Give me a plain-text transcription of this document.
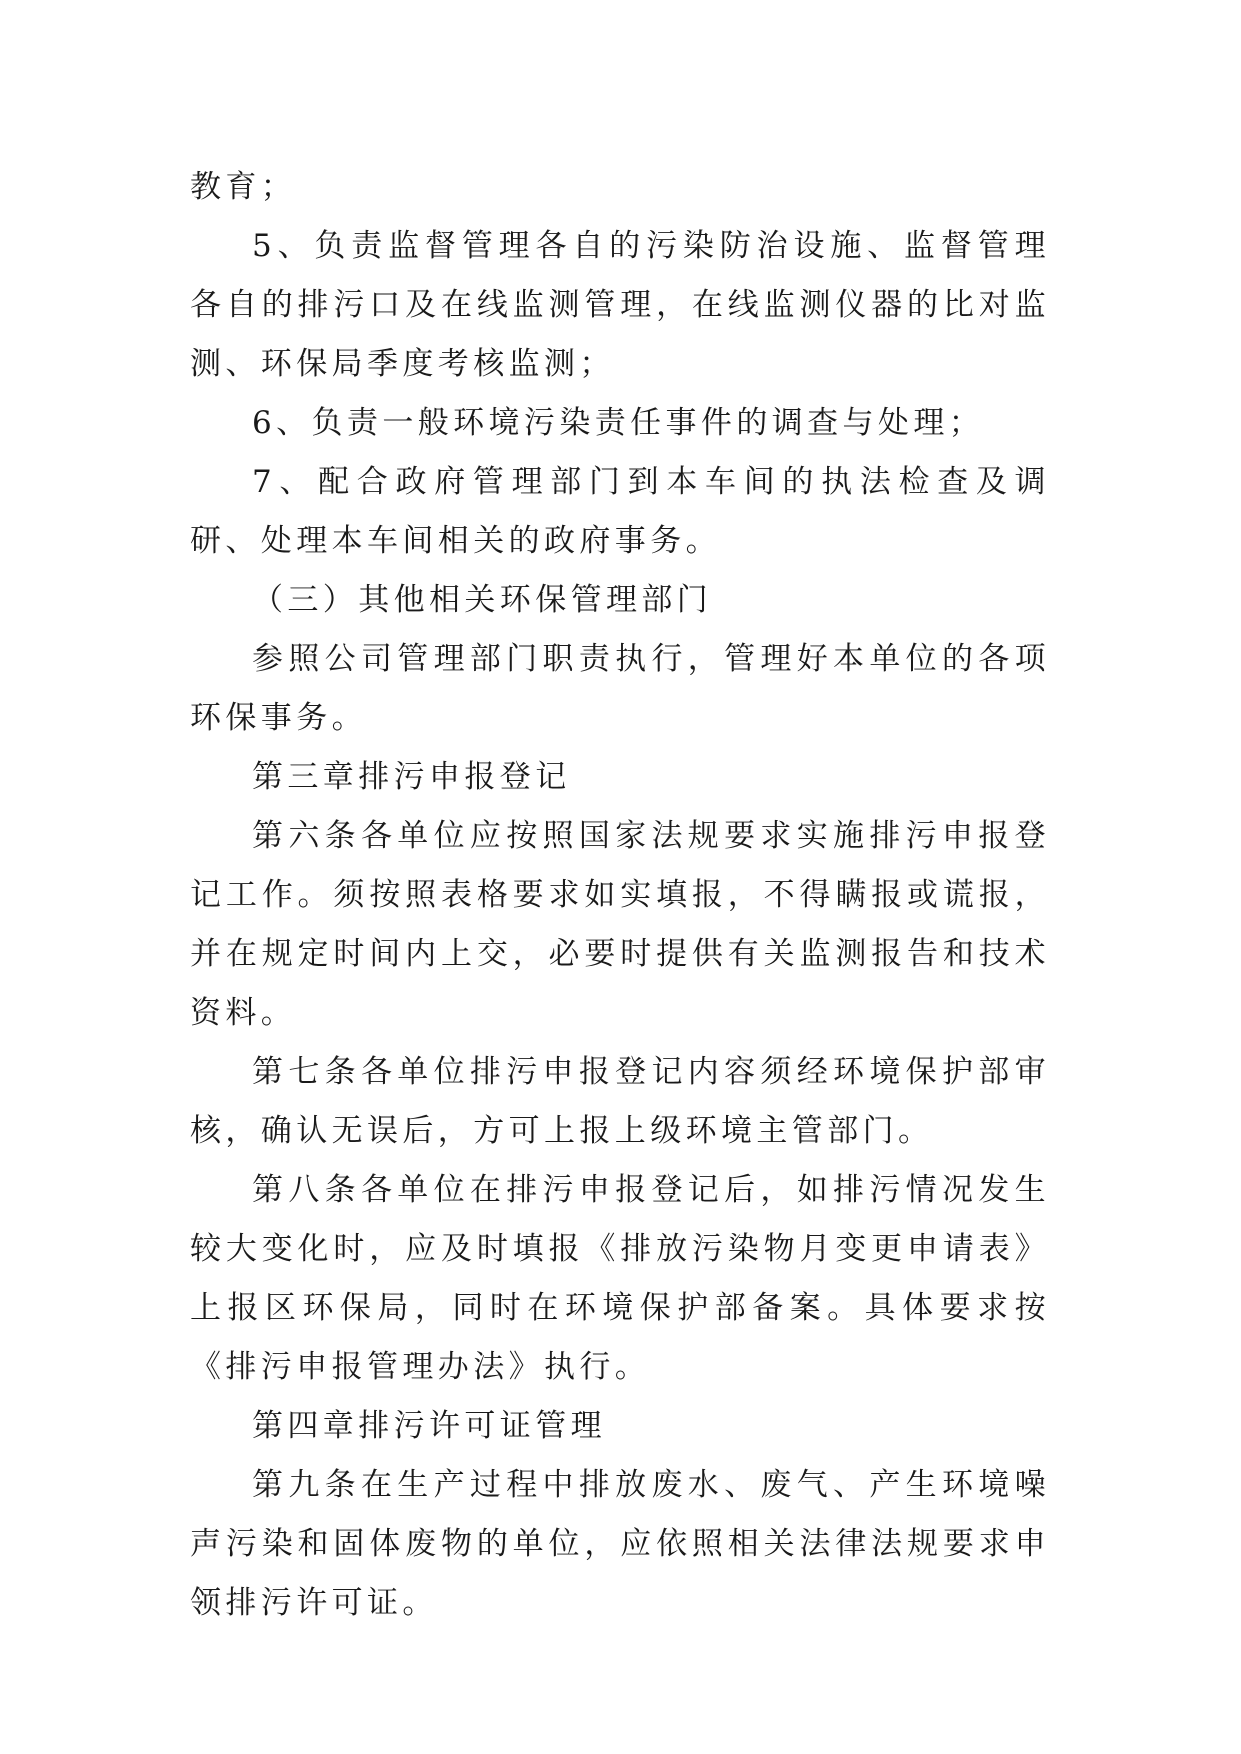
教育；

5、负责监督管理各自的污染防治设施、监督管理各自的排污口及在线监测管理，在线监测仪器的比对监测、环保局季度考核监测；

6、负责一般环境污染责任事件的调查与处理；

7、配合政府管理部门到本车间的执法检查及调研、处理本车间相关的政府事务。

（三）其他相关环保管理部门

参照公司管理部门职责执行，管理好本单位的各项环保事务。

第三章排污申报登记

第六条各单位应按照国家法规要求实施排污申报登记工作。须按照表格要求如实填报，不得瞒报或谎报，并在规定时间内上交，必要时提供有关监测报告和技术资料。

第七条各单位排污申报登记内容须经环境保护部审核，确认无误后，方可上报上级环境主管部门。

第八条各单位在排污申报登记后，如排污情况发生较大变化时，应及时填报《排放污染物月变更申请表》上报区环保局，同时在环境保护部备案。具体要求按《排污申报管理办法》执行。

第四章排污许可证管理

第九条在生产过程中排放废水、废气、产生环境噪声污染和固体废物的单位，应依照相关法律法规要求申领排污许可证。
